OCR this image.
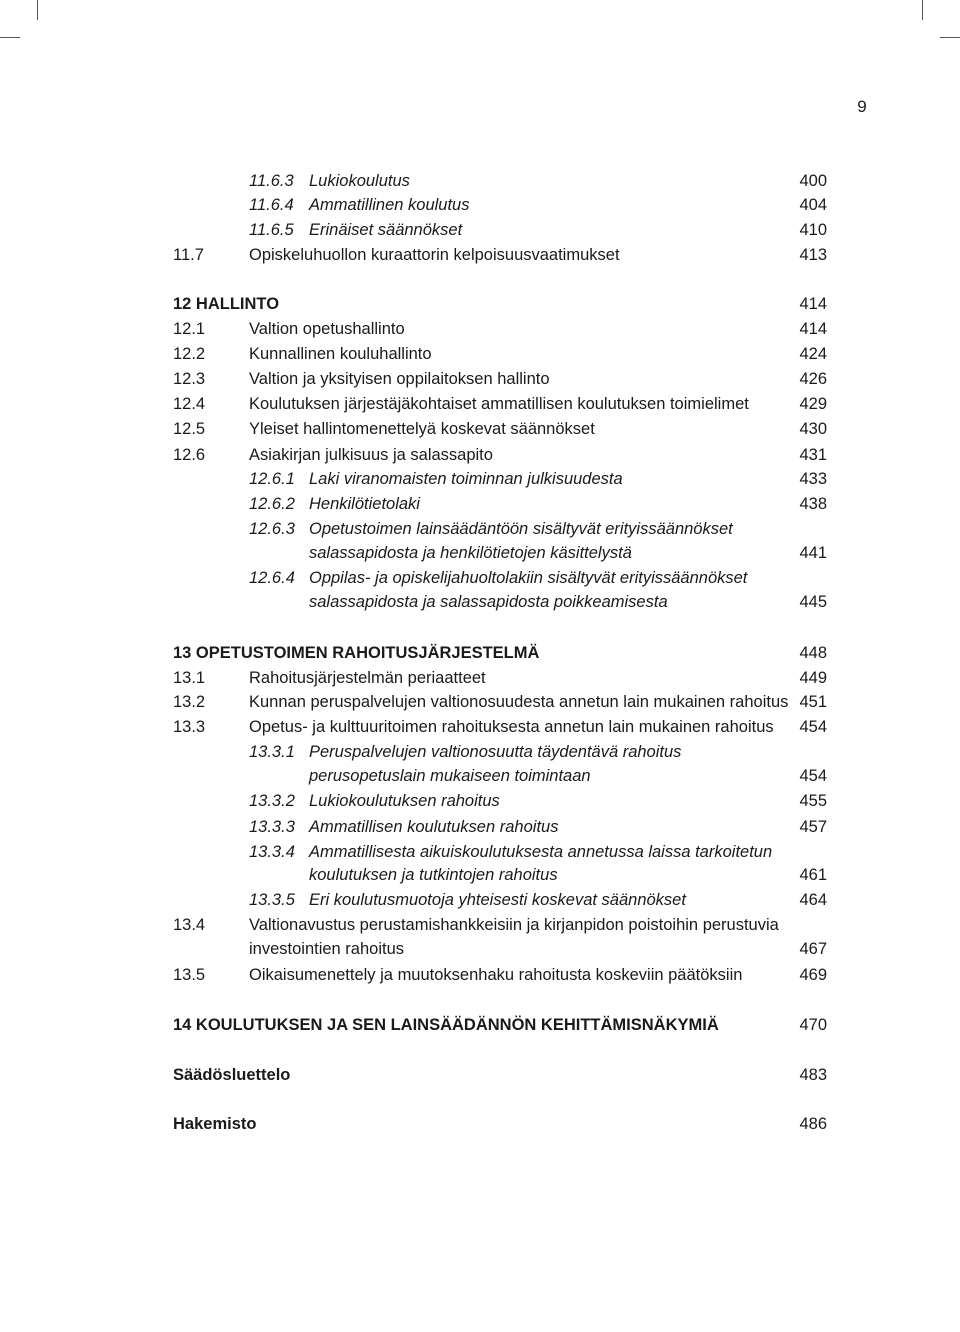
9
11.6.3 Lukiokoulutus	400
11.6.4 Ammatillinen koulutus	404
11.6.5 Erinäiset säännökset	410
11.7	Opiskeluhuollon kuraattorin kelpoisuusvaatimukset	413
12 HALLINTO	414
12.1	Valtion opetushallinto	414
12.2	Kunnallinen kouluhallinto	424
12.3	Valtion ja yksityisen oppilaitoksen hallinto	426
12.4	Koulutuksen järjestäjäkohtaiset ammatillisen koulutuksen toimielimet	429
12.5	Yleiset hallintomenettelyä koskevat säännökset	430
12.6	Asiakirjan julkisuus ja salassapito	431
12.6.1 Laki viranomaisten toiminnan julkisuudesta	433
12.6.2 Henkilötietolaki	438
12.6.3 Opetustoimen lainsäädäntöön sisältyvät erityissäännökset
salassapidosta ja henkilötietojen käsittelystä	441
12.6.4 Oppilas- ja opiskelijahuoltolakiin sisältyvät erityissäännökset
salassapidosta ja salassapidosta poikkeamisesta	445
13 OPETUSTOIMEN RAHOITUSJÄRJESTELMÄ	448
13.1	Rahoitusjärjestelmän periaatteet	449
13.2	Kunnan peruspalvelujen valtionosuudesta annetun lain mukainen rahoitus 451
13.3	Opetus- ja kulttuuritoimen rahoituksesta annetun lain mukainen rahoitus 454
13.3.1 Peruspalvelujen valtionosuutta täydentävä rahoitus
perusopetuslain mukaiseen toimintaan	454
13.3.2 Lukiokoulutuksen rahoitus	455
13.3.3 Ammatillisen koulutuksen rahoitus	457
13.3.4 Ammatillisesta aikuiskoulutuksesta annetussa laissa tarkoitetun
koulutuksen ja tutkintojen rahoitus	461
13.3.5 Eri koulutusmuotoja yhteisesti koskevat säännökset	464
13.4	Valtionavustus perustamishankkeisiin ja kirjanpidon poistoihin perustuvia
investointien rahoitus	467
13.5	Oikaisumenettely ja muutoksenhaku rahoitusta koskeviin päätöksiin	469
14 KOULUTUKSEN JA SEN LAINSÄÄDÄNNÖN KEHITTÄMISNÄKYMIÄ	470
Säädösluettelo	483
Hakemisto	486
